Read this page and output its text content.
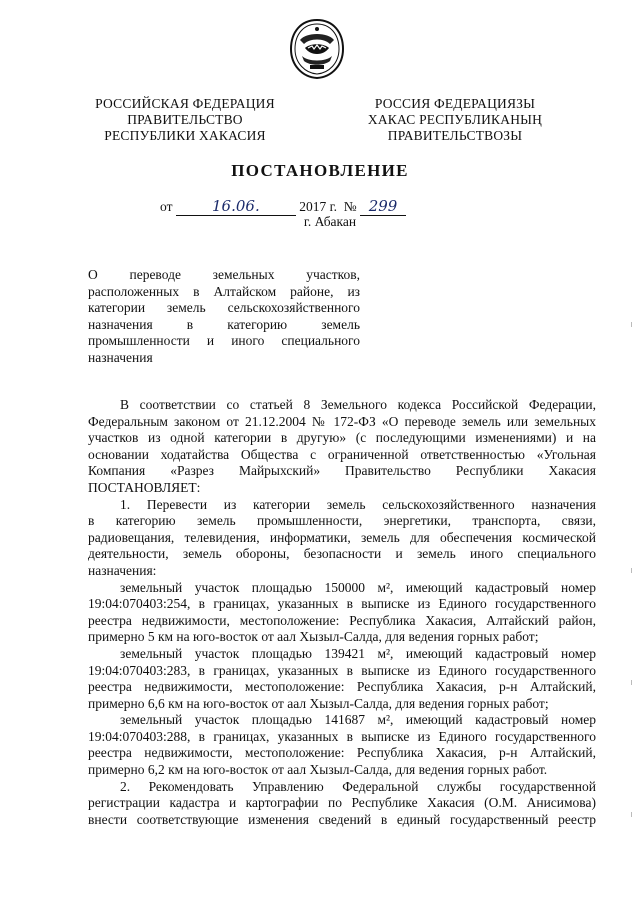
РОССИЙСКАЯ ФЕДЕРАЦИЯ
ПРАВИТЕЛЬСТВО
РЕСПУБЛИКИ ХАКАСИЯ
РОССИЯ ФЕДЕРАЦИЯЗЫ
ХАКАС РЕСПУБЛИКАНЫҢ
ПРАВИТЕЛЬСТВОЗЫ
ПОСТАНОВЛЕНИЕ
от	16.06.	2017 г. № 299
г. Абакан
О переводе земельных участков,
расположенных в Алтайском районе, из
категории земель сельскохозяйственного
назначения в категорию земель
промышленности и иного специального
назначения
В соответствии со статьей 8 Земельного кодекса Российской Федерации,
Федеральным законом от 21.12.2004 № 172-ФЗ «О переводе земель или земельных
участков из одной категории в другую» (с последующими изменениями) и на
основании ходатайства Общества с ограниченной ответственностью «Угольная
Компания «Разрез Майрыхский» Правительство Республики Хакасия
ПОСТАНОВЛЯЕТ:
1. Перевести из категории земель сельскохозяйственного назначения
в категорию земель промышленности, энергетики, транспорта, связи,
радиовещания, телевидения, информатики, земель для обеспечения космической
деятельности, земель обороны, безопасности и земель иного специального
назначения:
земельный участок площадью 150000 м², имеющий кадастровый номер
19:04:070403:254, в границах, указанных в выписке из Единого государственного
реестра недвижимости, местоположение: Республика Хакасия, Алтайский район,
примерно 5 км на юго-восток от аал Хызыл-Салда, для ведения горных работ;
земельный участок площадью 139421 м², имеющий кадастровый номер
19:04:070403:283, в границах, указанных в выписке из Единого государственного
реестра недвижимости, местоположение: Республика Хакасия, р-н Алтайский,
примерно 6,6 км на юго-восток от аал Хызыл-Салда, для ведения горных работ;
земельный участок площадью 141687 м², имеющий кадастровый номер
19:04:070403:288, в границах, указанных в выписке из Единого государственного
реестра недвижимости, местоположение: Республика Хакасия, р-н Алтайский,
примерно 6,2 км на юго-восток от аал Хызыл-Салда, для ведения горных работ.
2. Рекомендовать Управлению Федеральной службы государственной
регистрации кадастра и картографии по Республике Хакасия (О.М. Анисимова)
внести соответствующие изменения сведений в единый государственный реестр
